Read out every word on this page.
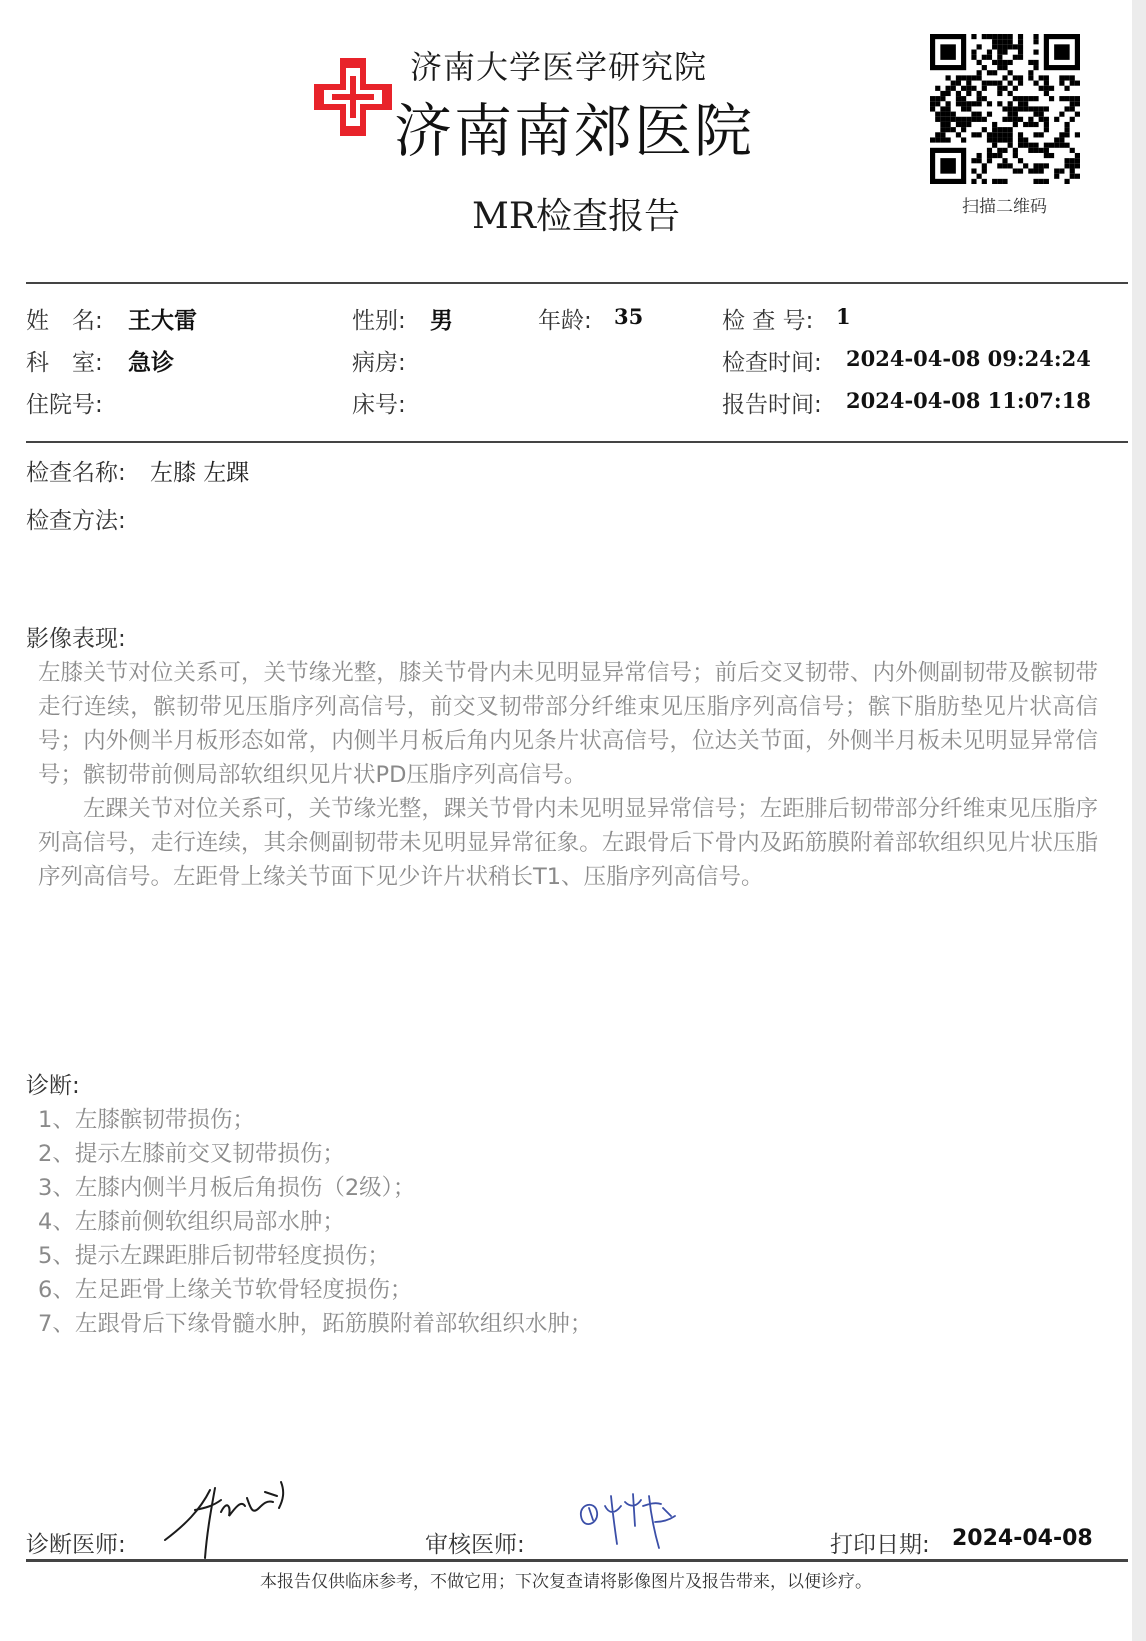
济南大学医学研究院
济南南郊医院
MR检查报告	扫描二维码
姓　名: 王大雷	性别: 男	年龄: 35	检 查 号: 1
科　室: 急诊	病房:	检查时间: 2024-04-08 09:24:24
住院号:	床号:	报告时间: 2024-04-08 11:07:18
检查名称: 左膝 左踝
检查方法:
影像表现:

左膝关节对位关系可，关节缘光整，膝关节骨内未见明显异常信号；前后交叉韧带、内外侧副韧带及髌韧带走行连续，髌韧带见压脂序列高信号，前交叉韧带部分纤维束见压脂序列高信号；髌下脂肪垫见片状高信号；内外侧半月板形态如常，内侧半月板后角内见条片状高信号，位达关节面，外侧半月板未见明显异常信号；髌韧带前侧局部软组织见片状PD压脂序列高信号。

左踝关节对位关系可，关节缘光整，踝关节骨内未见明显异常信号；左距腓后韧带部分纤维束见压脂序列高信号，走行连续，其余侧副韧带未见明显异常征象。左跟骨后下骨内及跖筋膜附着部软组织见片状压脂序列高信号。左距骨上缘关节面下见少许片状稍长T1、压脂序列高信号。

诊断:
1、左膝髌韧带损伤；
2、提示左膝前交叉韧带损伤；
3、左膝内侧半月板后角损伤（2级）；
4、左膝前侧软组织局部水肿；
5、提示左踝距腓后韧带轻度损伤；
6、左足距骨上缘关节软骨轻度损伤；
7、左跟骨后下缘骨髓水肿，跖筋膜附着部软组织水肿；
诊断医师:	审核医师:	打印日期: 2024-04-08
本报告仅供临床参考，不做它用；下次复查请将影像图片及报告带来，以便诊疗。
